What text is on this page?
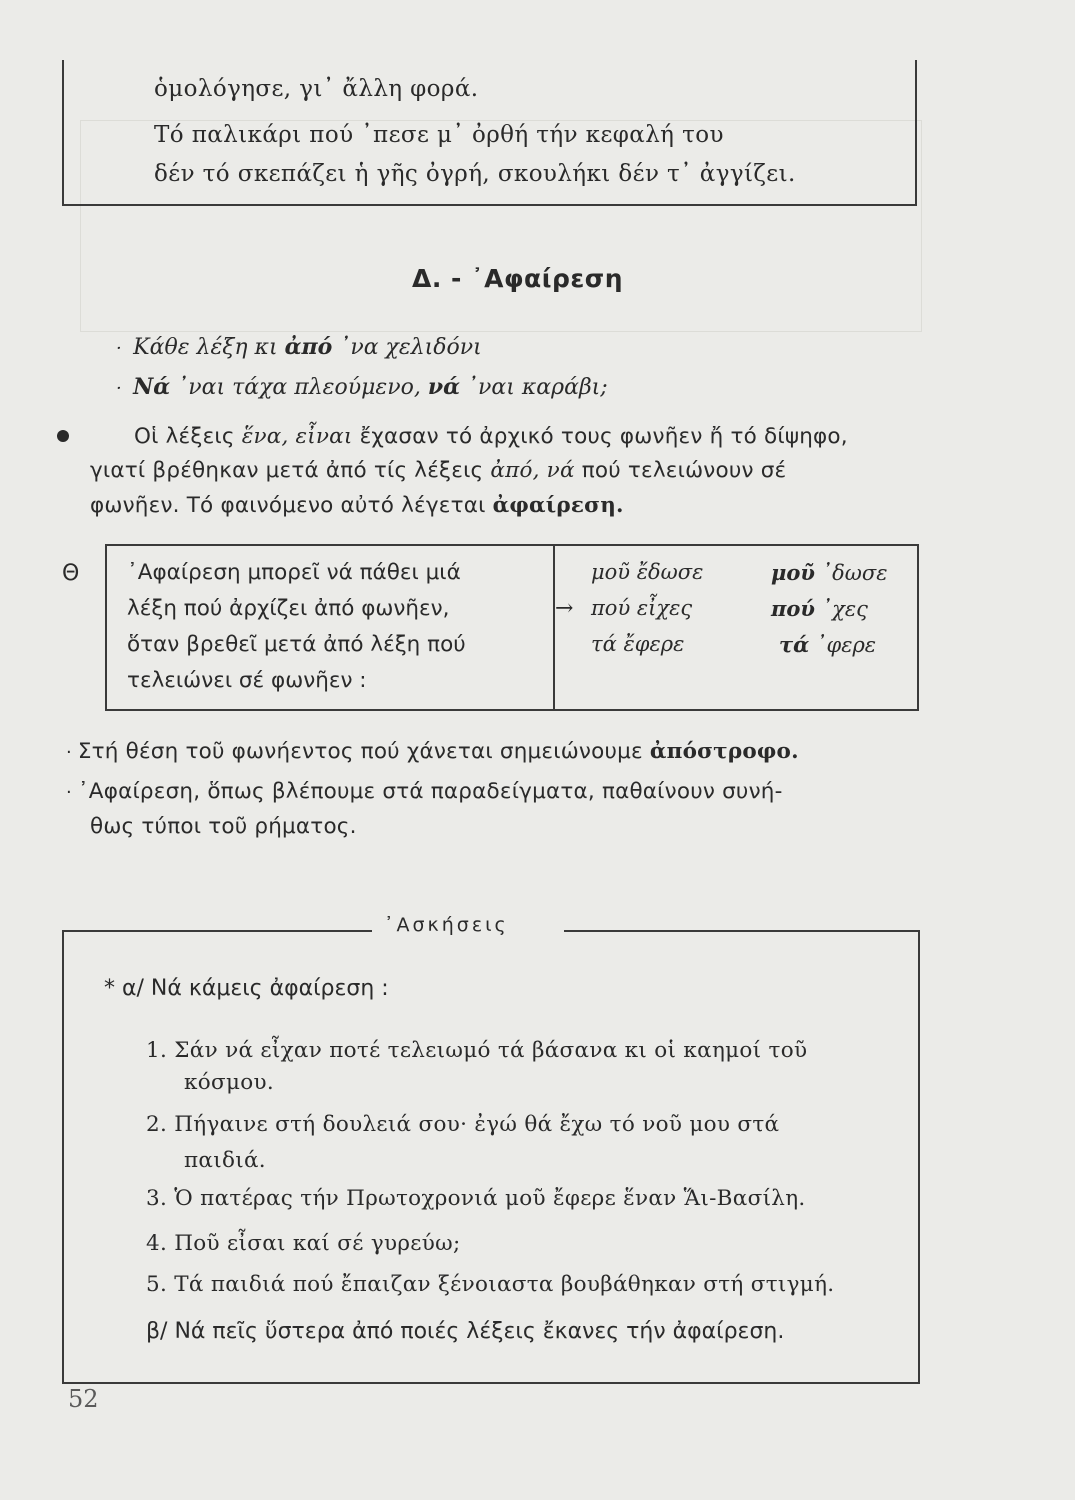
ὁμολόγησε, γι᾿ ἄλλη φορά.
Τό παλικάρι πού ᾿πεσε μ᾿ ὀρθή τήν κεφαλή του
δέν τό σκεπάζει ἡ γῆς ὀγρή, σκουλήκι δέν τ᾿ ἀγγίζει.
Δ. - ᾿Αφαίρεση
·  Κάθε λέξη κι ἀπό ᾿να χελιδόνι
·  Νά ᾿ναι τάχα πλεούμενο, νά ᾿ναι καράβι;
Οἱ λέξεις ἕνα, εἶναι ἔχασαν τό ἀρχικό τους φωνῆεν ἤ τό δίψηφο,
γιατί βρέθηκαν μετά ἀπό τίς λέξεις ἀπό, νά πού τελειώνουν σέ
φωνῆεν. Τό φαινόμενο αὐτό λέγεται ἀφαίρεση.
Θ ᾿Αφαίρεση μπορεῖ νά πάθει μιά
λέξη πού ἀρχίζει ἀπό φωνῆεν,
ὅταν βρεθεῖ μετά ἀπό λέξη πού
τελειώνει σέ φωνῆεν :
→
μοῦ ἔδωσε	μοῦ ᾿δωσε
πού εἶχες	πού ᾿χες
τά ἔφερε	τά ᾿φερε
· Στή θέση τοῦ φωνήεντος πού χάνεται σημειώνουμε ἀπόστροφο.
· ᾿Αφαίρεση, ὅπως βλέπουμε στά παραδείγματα, παθαίνουν συνή-
θως τύποι τοῦ ρήματος.
᾿Ασκήσεις
* α/ Νά κάμεις ἀφαίρεση :
1. Σάν νά εἶχαν ποτέ τελειωμό τά βάσανα κι οἱ καημοί τοῦ
κόσμου.
2. Πήγαινε στή δουλειά σου· ἐγώ θά ἔχω τό νοῦ μου στά
παιδιά.
3. Ὁ πατέρας τήν Πρωτοχρονιά μοῦ ἔφερε ἕναν Ἅι-Βασίλη.
4. Ποῦ εἶσαι καί σέ γυρεύω;
5. Τά παιδιά πού ἔπαιζαν ξένοιαστα βουβάθηκαν στή στιγμή.
β/ Νά πεῖς ὕστερα ἀπό ποιές λέξεις ἔκανες τήν ἀφαίρεση.
52
